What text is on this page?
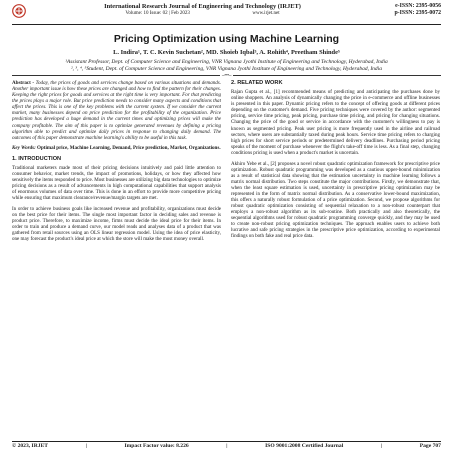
International Research Journal of Engineering and Technology (IRJET)
Volume: 10 Issue: 02 | Feb 2023	www.irjet.net
e-ISSN: 2395-0056
p-ISSN: 2395-0072
Pricing Optimization using Machine Learning
L. Indira¹, T. C. Kevin Suchetan², MD. Shoieb Iqbal³, A. Rohith⁴, Preetham Shinde⁵

¹Assistant Professor, Dept. of Computer Science and Engineering, VNR Vignana Jyothi Institute of Engineering and Technology, Hyderabad, India

², ³, ⁴, ⁵Student, Dept. of Computer Science and Engineering, VNR Vignana Jyothi Institute of Engineering and Technology, Hyderabad, India

---***---

Abstract - Today, the prices of goods and services change based on various situations and demands. Another important issue is how these prices are changed and how to find the pattern for their changes. Keeping the right prices for goods and services at the right time is very important. For that predicting the prices plays a major role. But price prediction needs to consider many aspects and conditions that affect the prices. This is one of the key problems with the current system. If we consider the current market, many businesses depend on price prediction for the profitability of the organization. Price prediction has developed a huge demand in the current times and optimizing prices will make the company profitable. The aim of this paper is to optimize generated revenues by defining a pricing algorithm able to predict and optimize daily prices in response to changing daily demand. The outcomes of this paper demonstrate machine learning's ability to be useful in this task.

Key Words: Optimal price, Machine Learning, Demand, Price prediction, Market, Organizations.

1. INTRODUCTION

Traditional marketers made most of their pricing decisions intuitively and paid little attention to consumer behavior, market trends, the impact of promotions, holidays, or how they affected how sensitively the items responded to price. Most businesses are utilizing big data technologies to optimize pricing decisions as a result of advancements in high computational capabilities that support analysis of enormous volumes of data over time. This is done in an effort to provide more competitive pricing while ensuring that maximum clearance/revenue/margin targets are met.

In order to achieve business goals like increased revenue and profitability, organizations must decide on the best price for their items. The single most important factor in deciding sales and revenue is product price. Therefore, to maximize income, firms must decide the ideal price for their items. In order to train and produce a demand curve, our model reads and analyses data of a product that was gathered from retail sources using an OLS linear regression model. Using the idea of price elasticity, one may forecast the product's ideal price at which the store will make the most money overall.

2. RELATED WORK

Rajan Gupta et al., [1] recommended means of predicting and anticipating the purchases done by online shoppers. An analysis of dynamically changing the price in e-commerce and offline businesses is presented in this paper. Dynamic pricing refers to the concept of offering goods at different prices depending on the customer's demand. Five pricing techniques were covered by the author: segmented pricing, service time pricing, peak pricing, purchase time pricing, and pricing for changing situations. Changing the price of the good or service in accordance with the customer's willingness to pay is known as segmented pricing. Peak user pricing is more frequently used in the airline and railroad sectors, where users are substantially taxed during peak hours. Service time pricing refers to charging high prices for short service periods or predetermined delivery deadlines. Purchasing period pricing speaks of the moment of purchase whenever the flight's take-off time is less. As a final step, changing conditions pricing is used when a product's market is uncertain.

Akhiro Yebe et al., [2] proposes a novel robust quadratic optimization framework for prescriptive price optimization. Robust quadratic programming was developed as a cautious upper-bound minimization as a result of statistical data showing that the estimation uncertainty in machine learning follows a matrix normal distribution. Two steps constitute the major contributions. Firstly, we demonstrate that, when the least square estimation is used, uncertainty in prescriptive pricing optimization may be represented in the form of matrix normal distribution. As a conservative lower-bound maximization, this offers a naturally robust formulation of a price optimization. Second, we propose algorithms for robust quadratic optimization consisting of sequential relaxation to a non-robust counterpart that employs a non-robust algorithm as its sub-routine. Both practically and also theoretically, the sequential algorithms used for robust quadratic programming converge quickly, and they may be used to create non-robust pricing optimization techniques. The approach enables users to achieve both lucrative and safe pricing strategies in the prescriptive price optimization, according to experimental findings on both fake and real price data.

© 2023, IRJET	|	Impact Factor value: 8.226	|	ISO 9001:2008 Certified Journal	|	Page 707
